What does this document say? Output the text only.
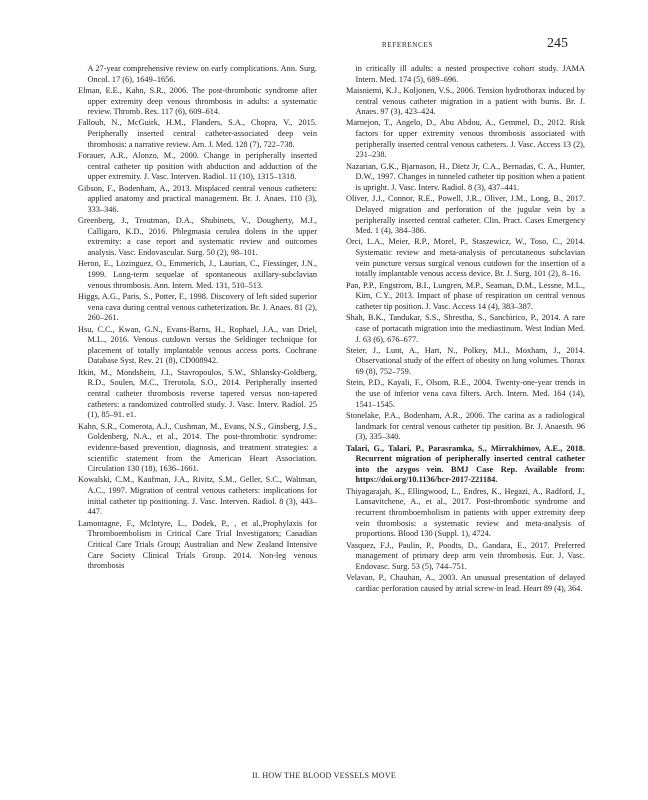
REFERENCES	245

A 27-year comprehensive review on early complications. Ann. Surg. Oncol. 17 (6), 1649–1656.

Elman, E.E., Kahn, S.R., 2006. The post-thrombotic syndrome after upper extremity deep venous thrombosis in adults: a systematic review. Thromb. Res. 117 (6), 609–614.

Fallouh, N., McGuirk, H.M., Flanders, S.A., Chopra, V., 2015. Peripherally inserted central catheter-associated deep vein thrombosis: a narrative review. Am. J. Med. 128 (7), 722–738.

Forauer, A.R., Alonzo, M., 2000. Change in peripherally inserted central catheter tip position with abduction and adduction of the upper extremity. J. Vasc. Interven. Radiol. 11 (10), 1315–1318.

Gibson, F., Bodenham, A., 2013. Misplaced central venous catheters: applied anatomy and practical management. Br. J. Anaes. 110 (3), 333–346.

Greenberg, J., Troutman, D.A., Shubinets, V., Dougherty, M.J., Calligaro, K.D., 2016. Phlegmasia cerulea dolens in the upper extremity: a case report and systematic review and outcomes analysis. Vasc. Endovascular. Surg. 50 (2), 98–101.

Heron, E., Lozinguez, O., Emmerich, J., Laurian, C., Fiessinger, J.N., 1999. Long-term sequelae of spontaneous axillary-subclavian venous thrombosis. Ann. Intern. Med. 131, 510–513.

Higgs, A.G., Paris, S., Potter, F., 1998. Discovery of left sided superior vena cava during central venous catheterization. Br. J. Anaes. 81 (2), 260–261.

Hsu, C.C., Kwan, G.N., Evans-Barns, H., Rophael, J.A., van Driel, M.L., 2016. Venous cutdown versus the Seldinger technique for placement of totally implantable venous access ports. Cochrane Database Syst. Rev. 21 (8), CD008942.

Itkin, M., Mondshein, J.I., Stavropoulos, S.W., Shlansky-Goldberg, R.D., Soulen, M.C., Trerotola, S.O., 2014. Peripherally inserted central catheter thrombosis reverse tapered versus non-tapered catheters: a randomized controlled study. J. Vasc. Interv. Radiol. 25 (1), 85–91. e1.

Kahn, S.R., Comerota, A.J., Cushman, M., Evans, N.S., Ginsberg, J.S., Goldenberg, N.A., et al., 2014. The post-thrombotic syndrome: evidence-based prevention, diagnosis, and treatment strategies: a scientific statement from the American Heart Association. Circulation 130 (18), 1636–1661.

Kowalski, C.M., Kaufman, J.A., Rivitz, S.M., Geller, S.C., Waltman, A.C., 1997. Migration of central venous catheters: implications for initial catheter tip positioning. J. Vasc. Interven. Radiol. 8 (3), 443–447.

Lamontagne, F., McIntyre, L., Dodek, P., , et al.,Prophylaxis for Thromboembolism in Critical Care Trial Investigators; Canadian Critical Care Trials Group; Australian and New Zealand Intensive Care Society Clinical Trials Group. 2014. Non-leg venous thrombosis

in critically ill adults: a nested prospective cohort study. JAMA Intern. Med. 174 (5), 689–696.

Maisniemi, K.J., Koljonen, V.S., 2006. Tension hydrothorax induced by central venous catheter migration in a patient with burns. Br. J. Anaes. 97 (3), 423–424.

Marnejon, T., Angelo, D., Abu Abdou, A., Gemmel, D., 2012. Risk factors for upper extremity venous thrombosis associated with peripherally inserted central venous catheters. J. Vasc. Access 13 (2), 231–238.

Nazarian, G.K., Bjarnason, H., Dietz Jr, C.A., Bernadas, C. A., Hunter, D.W., 1997. Changes in tunneled catheter tip position when a patient is upright. J. Vasc. Interv. Radiol. 8 (3), 437–441.

Oliver, J.J., Connor, R.E., Powell, J.R., Oliver, J.M., Long, B., 2017. Delayed migration and perforation of the jugular vein by a peripherally inserted central catheter. Clin. Pract. Cases Emergency Med. 1 (4), 384–386.

Orci, L.A., Meier, R.P., Morel, P., Staszewicz, W., Toso, C., 2014. Systematic review and meta-analysis of percutaneous subclavian vein puncture versus surgical venous cutdown for the insertion of a totally implantable venous access device. Br. J. Surg. 101 (2), 8–16.

Pan, P.P., Engstrom, B.I., Lungren, M.P., Seaman, D.M., Lessne, M.L., Kim, C.Y., 2013. Impact of phase of respiration on central venous catheter tip position. J. Vasc. Access 14 (4), 383–387.

Shah, B.K., Tandukar, S.S., Shrestha, S., Sanchirico, P., 2014. A rare case of portacath migration into the mediastinum. West Indian Med. J. 63 (6), 676–677.

Steier, J., Lunt, A., Hart, N., Polkey, M.I., Moxham, J., 2014. Observational study of the effect of obesity on lung volumes. Thorax 69 (8), 752–759.

Stein, P.D., Kayali, F., Olsom, R.E., 2004. Twenty-one-year trends in the use of inferior vena cava filters. Arch. Intern. Med. 164 (14), 1541–1545.

Stonelake, P.A., Bodenham, A.R., 2006. The carina as a radiological landmark for central venous catheter tip position. Br. J. Anaesth. 96 (3), 335–340.

Talari, G., Talari, P., Parasramka, S., Mirrakhimov, A.E., 2018. Recurrent migration of peripherally inserted central catheter into the azygos vein. BMJ Case Rep. Available from: https://doi.org/10.1136/bcr-2017-221184.

Thiyagarajah, K., Ellingwood, L., Endres, K., Hegazi, A., Radford, J., Lansavitchene, A., et al., 2017. Post-thrombotic syndrome and recurrent thromboembolism in patients with upper extremity deep vein thrombosis: a systematic review and meta-analysis of proportions. Blood 130 (Suppl. 1), 4724.

Vasquez, F.J., Paulin, P., Poodts, D., Gandara, E., 2017. Preferred management of primary deep arm vein thrombosis. Eur. J. Vasc. Endovasc. Surg. 53 (5), 744–751.

Velavan, P., Chauhan, A., 2003. An unusual presentation of delayed cardiac perforation caused by atrial screw-in lead. Heart 89 (4), 364.

II. HOW THE BLOOD VESSELS MOVE
